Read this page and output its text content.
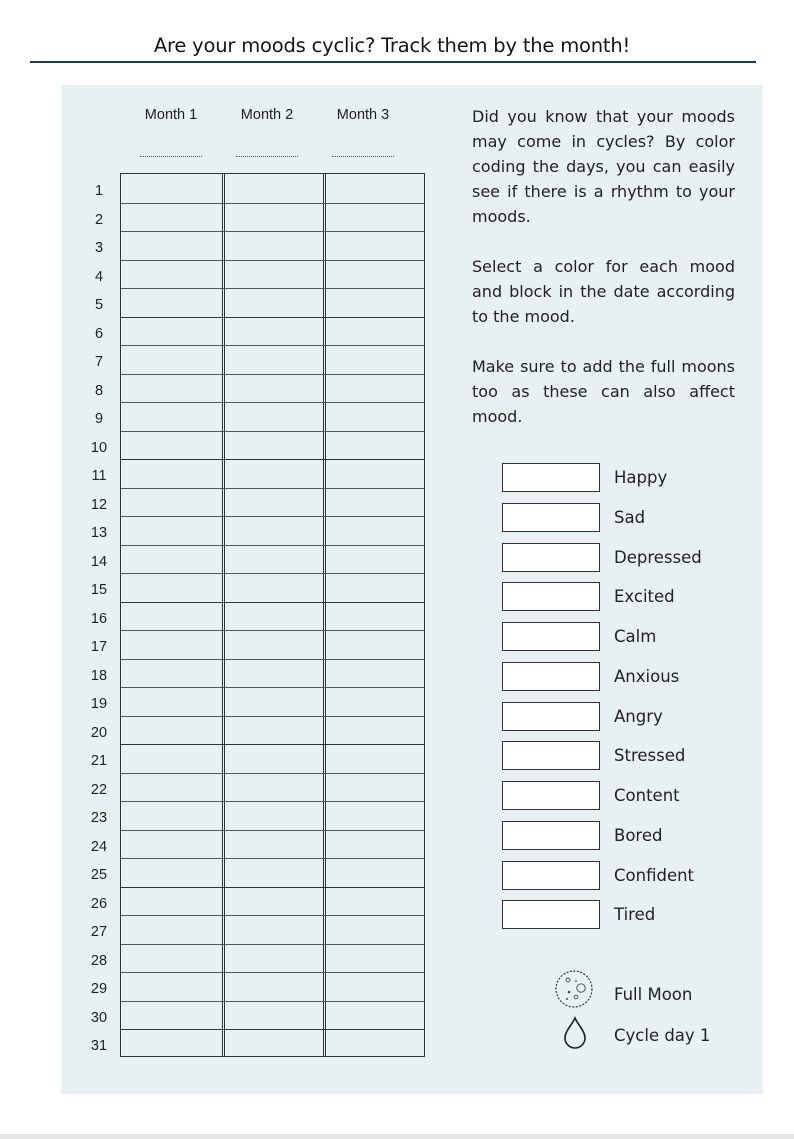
Are your moods cyclic? Track them by the month!
Month 1	Month 2	Month 3
1
2
3
4
5
6
7
8
9
10
11
12
13
14
15
16
17
18
19
20
21
22
23
24
25
26
27
28
29
30
31

Did you know that your moods may come in cycles? By color coding the days, you can easily see if there is a rhythm to your moods.

Select a color for each mood and block in the date according to the mood.

Make sure to add the full moons too as these can also affect mood.

Happy
Sad
Depressed
Excited
Calm
Anxious
Angry
Stressed
Content
Bored
Confident
Tired
Full Moon
Cycle day 1
